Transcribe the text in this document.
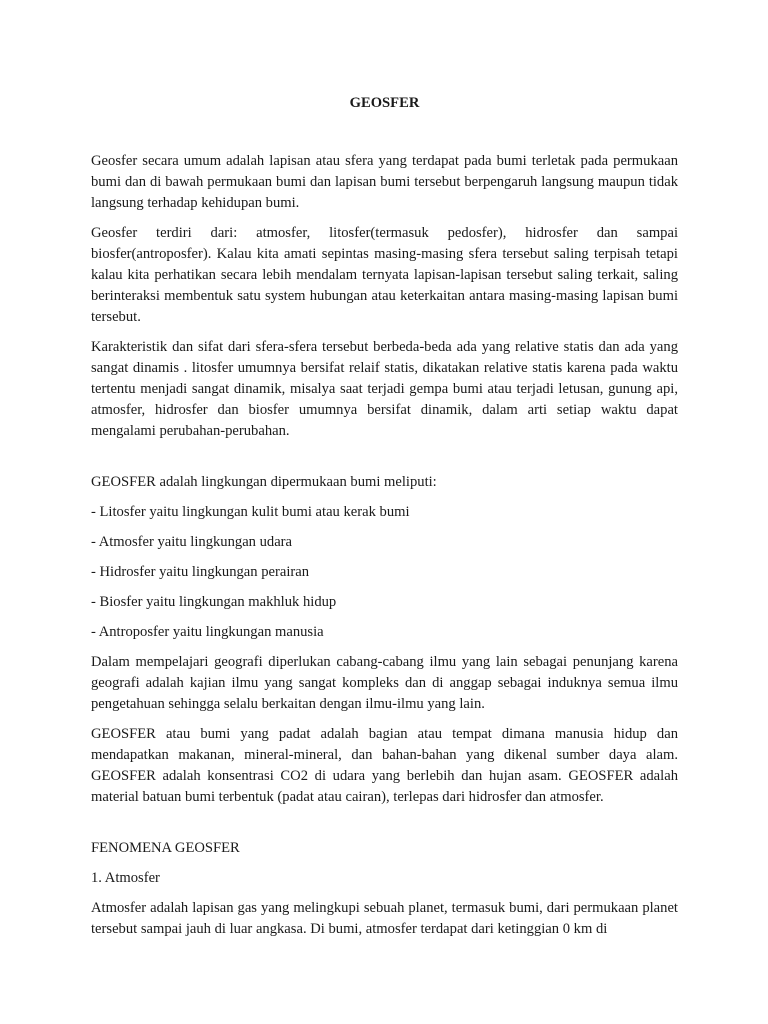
GEOSFER

Geosfer secara umum adalah lapisan atau sfera yang terdapat pada bumi terletak pada permukaan bumi dan di bawah permukaan bumi dan lapisan bumi tersebut berpengaruh langsung maupun tidak langsung terhadap kehidupan bumi.

Geosfer terdiri dari: atmosfer, litosfer(termasuk pedosfer), hidrosfer dan sampai biosfer(antroposfer). Kalau kita amati sepintas masing-masing sfera tersebut saling terpisah tetapi kalau kita perhatikan secara lebih mendalam ternyata lapisan-lapisan tersebut saling terkait, saling berinteraksi membentuk satu system hubungan atau keterkaitan antara masing-masing lapisan bumi tersebut.

Karakteristik dan sifat dari sfera-sfera tersebut berbeda-beda ada yang relative statis dan ada yang sangat dinamis . litosfer umumnya bersifat relaif statis, dikatakan relative statis karena pada waktu tertentu menjadi sangat dinamik, misalya saat terjadi gempa bumi atau terjadi letusan, gunung api, atmosfer, hidrosfer dan biosfer umumnya bersifat dinamik, dalam arti setiap waktu dapat mengalami perubahan-perubahan.

GEOSFER adalah lingkungan dipermukaan bumi meliputi:

- Litosfer yaitu lingkungan kulit bumi atau kerak bumi

- Atmosfer yaitu lingkungan udara

- Hidrosfer yaitu lingkungan perairan

- Biosfer yaitu lingkungan makhluk hidup

- Antroposfer yaitu lingkungan manusia

Dalam mempelajari geografi diperlukan cabang-cabang ilmu yang lain sebagai penunjang karena geografi adalah kajian ilmu yang sangat kompleks dan di anggap sebagai induknya semua ilmu pengetahuan sehingga selalu berkaitan dengan ilmu-ilmu yang lain.

GEOSFER atau bumi yang padat adalah bagian atau tempat dimana manusia hidup dan mendapatkan makanan, mineral-mineral, dan bahan-bahan yang dikenal sumber daya alam. GEOSFER adalah konsentrasi CO2 di udara yang berlebih dan hujan asam. GEOSFER adalah material batuan bumi terbentuk (padat atau cairan), terlepas dari hidrosfer dan atmosfer.

FENOMENA GEOSFER

1. Atmosfer

Atmosfer adalah lapisan gas yang melingkupi sebuah planet, termasuk bumi, dari permukaan planet tersebut sampai jauh di luar angkasa. Di bumi, atmosfer terdapat dari ketinggian 0 km di
